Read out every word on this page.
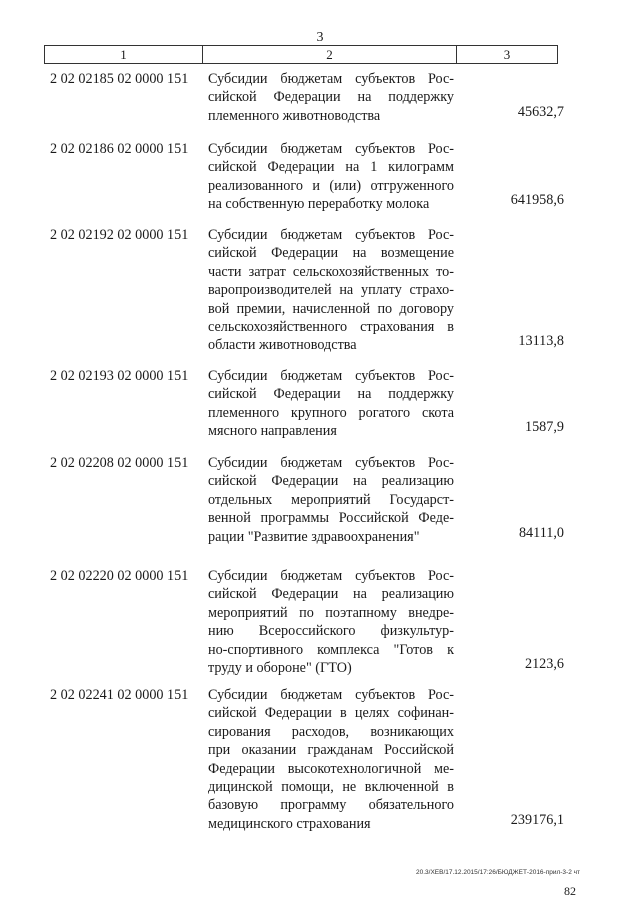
3
1	2	3
2 02 02185 02 0000 151 Субсидии бюджетам субъектов Рос-
сийской Федерации на поддержку
племенного животноводства	45632,7
2 02 02186 02 0000 151 Субсидии бюджетам субъектов Рос-
сийской Федерации на 1 килограмм
реализованного и (или) отгруженного
на собственную переработку молока	641958,6
2 02 02192 02 0000 151 Субсидии бюджетам субъектов Рос-
сийской Федерации на возмещение
части затрат сельскохозяйственных то-
варопроизводителей на уплату страхо-
вой премии, начисленной по договору
сельскохозяйственного страхования в
области животноводства	13113,8
2 02 02193 02 0000 151 Субсидии бюджетам субъектов Рос-
сийской Федерации на поддержку
племенного крупного рогатого скота
мясного направления	1587,9
2 02 02208 02 0000 151 Субсидии бюджетам субъектов Рос-
сийской Федерации на реализацию
отдельных мероприятий Государст-
венной программы Российской Феде-
рации "Развитие здравоохранения"	84111,0
2 02 02220 02 0000 151 Субсидии бюджетам субъектов Рос-
сийской Федерации на реализацию
мероприятий по поэтапному внедре-
нию Всероссийского физкультур-
но-спортивного комплекса "Готов к
труду и обороне" (ГТО)	2123,6
2 02 02241 02 0000 151 Субсидии бюджетам субъектов Рос-
сийской Федерации в целях софинан-
сирования расходов, возникающих
при оказании гражданам Российской
Федерации высокотехнологичной ме-
дицинской помощи, не включенной в
базовую программу обязательного
медицинского страхования	239176,1
20.3/ХЕВ/17.12.2015/17:26/БЮДЖЕТ-2016-прил-3-2 чт
82
